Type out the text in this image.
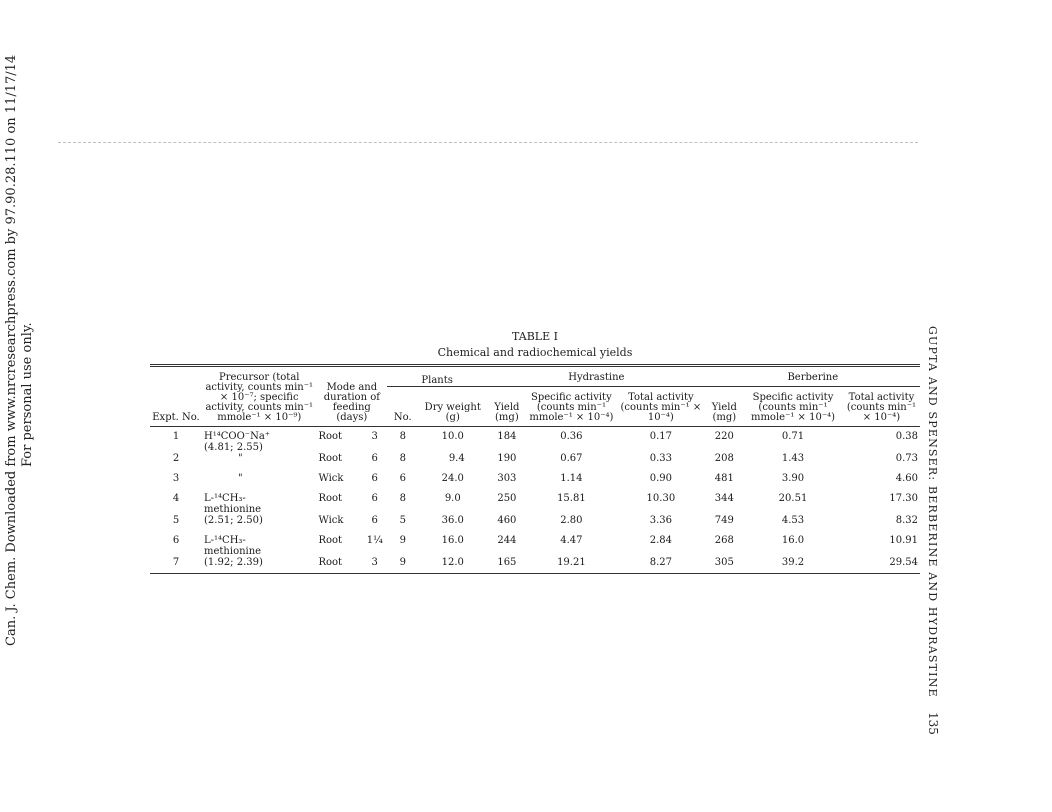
Can. J. Chem. Downloaded from www.nrcresearchpress.com by 97.90.28.110 on 11/17/14 For personal use only.	GUPTA AND SPENSER: BERBERINE AND HYDRASTINE
135
TABLE I
Chemical and radiochemical yields
Expt. No.	Precursor (total activity, counts min⁻¹ × 10⁻⁷; specific activity, counts min⁻¹ mmole⁻¹ × 10⁻⁹)	Mode and duration of feeding (days)		Plants		Hydrastine			Berberine		
				No.	Dry weight (g)	Yield (mg)	Specific activity (counts min⁻¹ mmole⁻¹ × 10⁻⁴)	Total activity (counts min⁻¹ × 10⁻⁴)	Yield (mg)	Specific activity (counts min⁻¹ mmole⁻¹ × 10⁻⁴)	Total activity (counts min⁻¹ × 10⁻⁴)
1	H¹⁴COO⁻Na⁺	Root	3	8	10.0	184	0.36	0.17	220	0.71	0.38
	(4.81; 2.55)										
2	"	Root	6	8	9.4	190	0.67	0.33	208	1.43	0.73
3	"	Wick	6	6	24.0	303	1.14	0.90	481	3.90	4.60
4	L-¹⁴CH₃-	Root	6	8	9.0	250	15.81	10.30	344	20.51	17.30
	methionine										
5	(2.51; 2.50)	Wick	6	5	36.0	460	2.80	3.36	749	4.53	8.32
6	L-¹⁴CH₃-	Root	1¼	9	16.0	244	4.47	2.84	268	16.0	10.91
	methionine										
7	(1.92; 2.39)	Root	3	9	12.0	165	19.21	8.27	305	39.2	29.54
